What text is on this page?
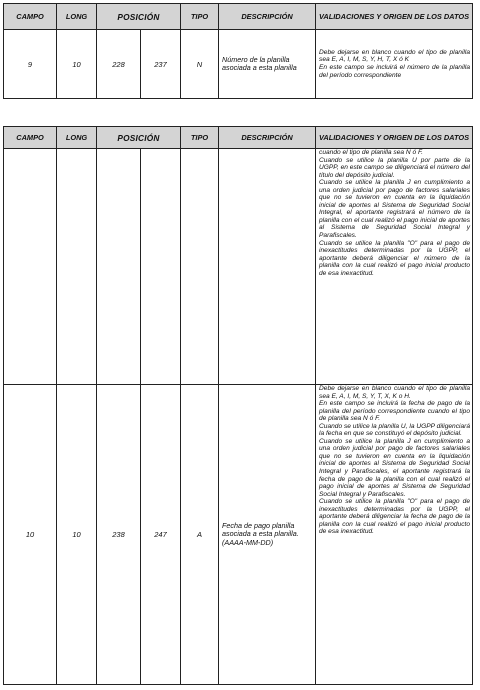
CAMPO	LONG	POSICIÓN		TIPO	DESCRIPCIÓN	VALIDACIONES Y ORIGEN DE LOS DATOS
9	10	228	237	N	Número de la planilla asociada a esta planilla	Debe dejarse en blanco cuando el tipo de planilla sea E, A, I, M, S, Y, H, T, X ó K

En este campo se incluirá el número de la planilla del período correspondiente

CAMPO	LONG	POSICIÓN		TIPO	DESCRIPCIÓN	VALIDACIONES Y ORIGEN DE LOS DATOS

						cuando el tipo de planilla sea N ó F.

Cuando se utilice la planilla U por parte de la UGPP, en este campo se diligenciará el número del título del depósito judicial.

Cuando se utilice la planilla J en cumplimiento a una orden judicial por pago de factores salariales que no se tuvieron en cuenta en la liquidación inicial de aportes al Sistema de Seguridad Social Integral, el aportante registrará el número de la planilla con el cual realizó el pago inicial de aportes al Sistema de Seguridad Social Integral y Parafiscales.

Cuando se utilice la planilla "O" para el pago de inexactitudes determinadas por la UGPP, el aportante deberá diligenciar el número de la planilla con la cual realizó el pago inicial producto de esa inexactitud.

10	10	238	247	A	Fecha de pago planilla asociada a esta planilla. (AAAA-MM-DD)	Debe dejarse en blanco cuando el tipo de planilla sea E, A, I, M, S, Y, T, X, K o H.

En este campo se incluirá la fecha de pago de la planilla del período correspondiente cuando el tipo de planilla sea N ó F.

Cuando se utilice la planilla U, la UGPP diligenciará la fecha en que se constituyó el depósito judicial.

Cuando se utilice la planilla J en cumplimiento a una orden judicial por pago de factores salariales que no se tuvieron en cuenta en la liquidación inicial de aportes al Sistema de Seguridad Social Integral y Parafiscales, el aportante registrará la fecha de pago de la planilla con el cual realizó el pago inicial de aportes al Sistema de Seguridad Social Integral y Parafiscales.

Cuando se utilice la planilla "O" para el pago de inexactitudes determinadas por la UGPP, el aportante deberá diligenciar la fecha de pago de la planilla con la cual realizó el pago inicial producto de esa inexactitud.
